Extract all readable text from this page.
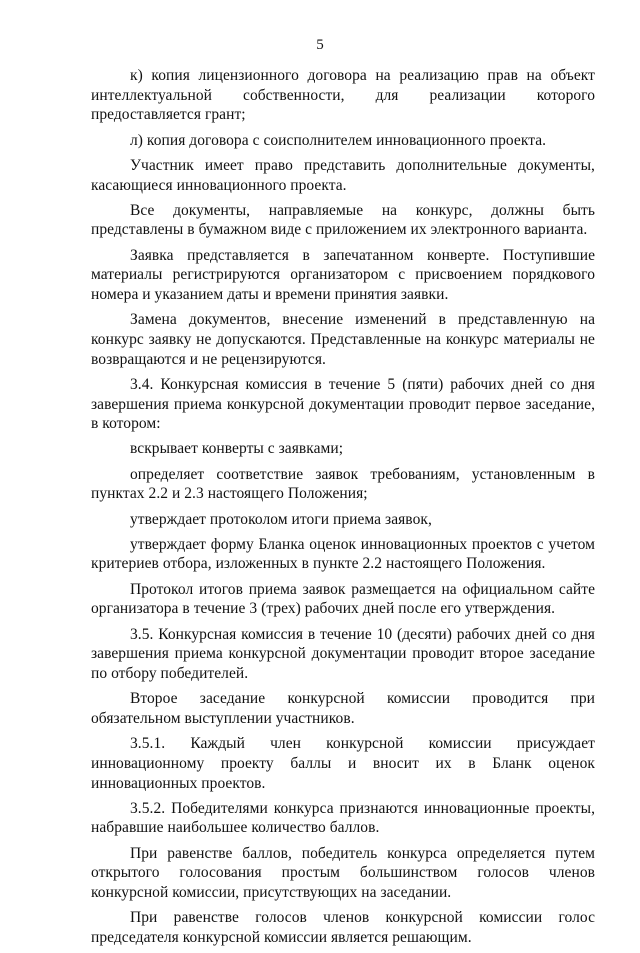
5

к) копия лицензионного договора на реализацию прав на объект интеллектуальной собственности, для реализации которого предоставляется грант;

л) копия договора с соисполнителем инновационного проекта.

Участник имеет право представить дополнительные документы, касающиеся инновационного проекта.

Все документы, направляемые на конкурс, должны быть представлены в бумажном виде с приложением их электронного варианта.

Заявка представляется в запечатанном конверте. Поступившие материалы регистрируются организатором с присвоением порядкового номера и указанием даты и времени принятия заявки.

Замена документов, внесение изменений в представленную на конкурс заявку не допускаются. Представленные на конкурс материалы не возвращаются и не рецензируются.

3.4. Конкурсная комиссия в течение 5 (пяти) рабочих дней со дня завершения приема конкурсной документации проводит первое заседание, в котором:

вскрывает конверты с заявками;

определяет соответствие заявок требованиям, установленным в пунктах 2.2 и 2.3 настоящего Положения;

утверждает протоколом итоги приема заявок,

утверждает форму Бланка оценок инновационных проектов с учетом критериев отбора, изложенных в пункте 2.2 настоящего Положения.

Протокол итогов приема заявок размещается на официальном сайте организатора в течение 3 (трех) рабочих дней после его утверждения.

3.5. Конкурсная комиссия в течение 10 (десяти) рабочих дней со дня завершения приема конкурсной документации проводит второе заседание по отбору победителей.

Второе заседание конкурсной комиссии проводится при обязательном выступлении участников.

3.5.1. Каждый член конкурсной комиссии присуждает инновационному проекту баллы и вносит их в Бланк оценок инновационных проектов.

3.5.2. Победителями конкурса признаются инновационные проекты, набравшие наибольшее количество баллов.

При равенстве баллов, победитель конкурса определяется путем открытого голосования простым большинством голосов членов конкурсной комиссии, присутствующих на заседании.

При равенстве голосов членов конкурсной комиссии голос председателя конкурсной комиссии является решающим.
